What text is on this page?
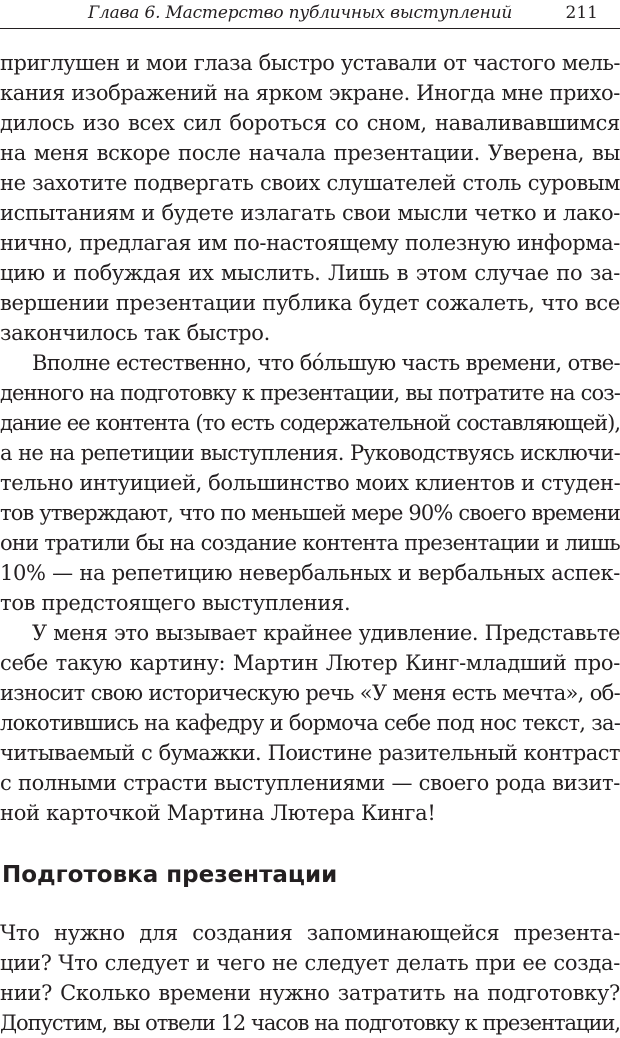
Глава 6. Мастерство публичных выступлений	211
приглушен и мои глаза быстро уставали от частого мель-
кания изображений на ярком экране. Иногда мне прихо-
дилось изо всех сил бороться со сном, наваливавшимся
на меня вскоре после начала презентации. Уверена, вы
не захотите подвергать своих слушателей столь суровым
испытаниям и будете излагать свои мысли четко и лако-
нично, предлагая им по-настоящему полезную информа-
цию и побуждая их мыслить. Лишь в этом случае по за-
вершении презентации публика будет сожалеть, что все
закончилось так быстро.
Вполне естественно, что бóльшую часть времени, отве-
денного на подготовку к презентации, вы потратите на соз-
дание ее контента (то есть содержательной составляющей),
а не на репетиции выступления. Руководствуясь исключи-
тельно интуицией, большинство моих клиентов и студен-
тов утверждают, что по меньшей мере 90% своего времени
они тратили бы на создание контента презентации и лишь
10% — на репетицию невербальных и вербальных аспек-
тов предстоящего выступления.
У меня это вызывает крайнее удивление. Представьте
себе такую картину: Мартин Лютер Кинг-младший про-
износит свою историческую речь «У меня есть мечта», об-
локотившись на кафедру и бормоча себе под нос текст, за-
читываемый с бумажки. Поистине разительный контраст
с полными страсти выступлениями — своего рода визит-
ной карточкой Мартина Лютера Кинга!
Подготовка презентации
Что нужно для создания запоминающейся презента-
ции? Что следует и чего не следует делать при ее созда-
нии? Сколько времени нужно затратить на подготовку?
Допустим, вы отвели 12 часов на подготовку к презентации,
